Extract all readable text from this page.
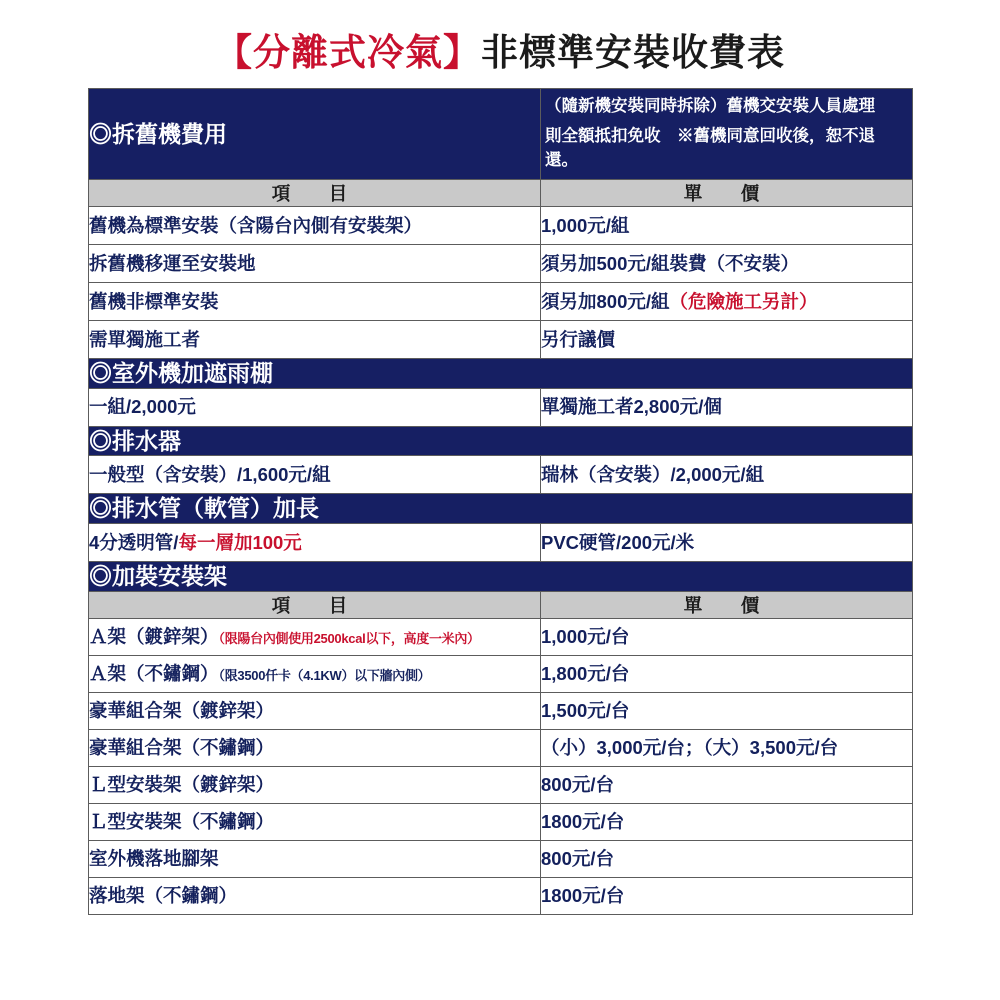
【分離式冷氣】非標準安裝收費表
◎拆舊機費用	（隨新機安裝同時拆除）舊機交安裝人員處理
則全額抵扣免收　※舊機同意回收後，恕不退還。

項　目	單　價
舊機為標準安裝（含陽台內側有安裝架）	1,000元/組
拆舊機移運至安裝地	須另加500元/組裝費（不安裝）
舊機非標準安裝	須另加800元/組（危險施工另計）
需單獨施工者	另行議價
◎室外機加遮雨棚	
一組/2,000元	單獨施工者2,800元/個
◎排水器	
一般型（含安裝）/1,600元/組	瑞林（含安裝）/2,000元/組
◎排水管（軟管）加長	
4分透明管/每一層加100元	PVC硬管/200元/米
◎加裝安裝架	
項　目	單　價
Ａ架（鍍鋅架）（限陽台內側使用2500kcal以下，高度一米內）	1,000元/台
Ａ架（不鏽鋼）（限3500仟卡（4.1KW）以下牆內側）	1,800元/台
豪華組合架（鍍鋅架）	1,500元/台
豪華組合架（不鏽鋼）	（小）3,000元/台；（大）3,500元/台
Ｌ型安裝架（鍍鋅架）	800元/台
Ｌ型安裝架（不鏽鋼）	1800元/台
室外機落地腳架	800元/台
落地架（不鏽鋼）	1800元/台
